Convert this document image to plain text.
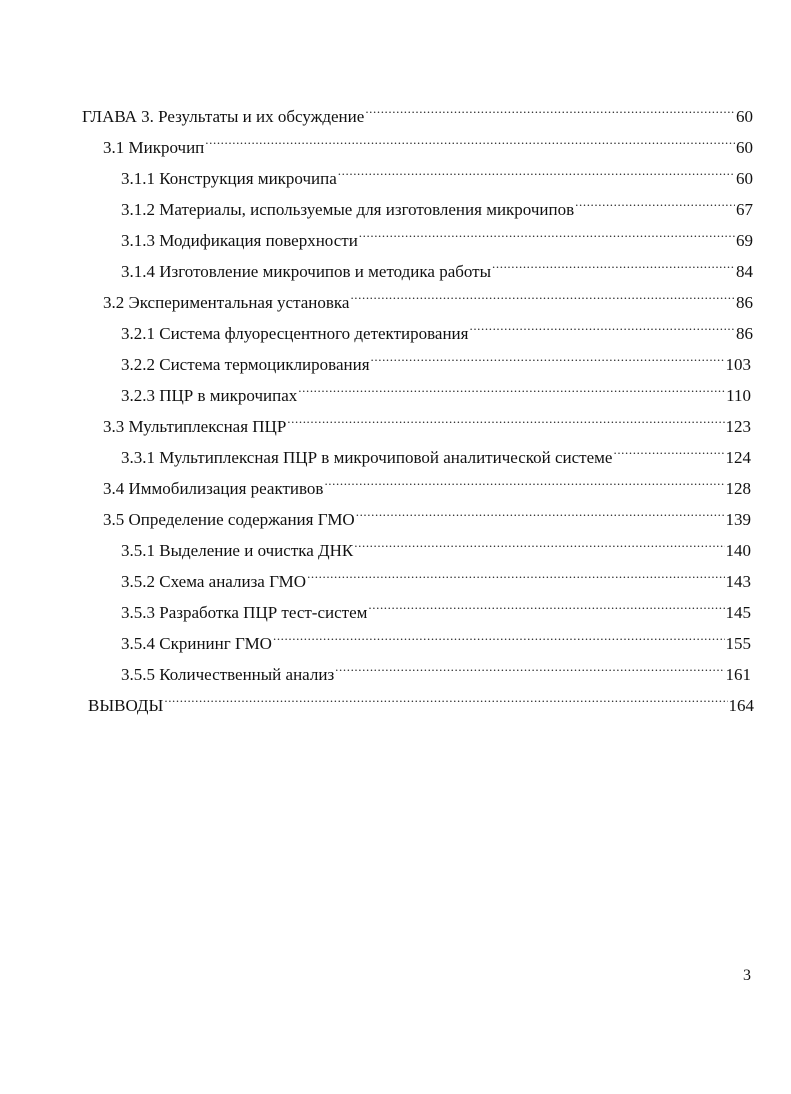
ГЛАВА 3. Результаты и их обсуждение .....	60
3.1 Микрочип .....	60
3.1.1 Конструкция микрочипа .....	60
3.1.2 Материалы, используемые для изготовления микрочипов .....	67
3.1.3 Модификация поверхности .....	69
3.1.4 Изготовление микрочипов и методика работы .....	84
3.2 Экспериментальная установка .....	86
3.2.1 Система флуоресцентного детектирования .....	86
3.2.2 Система термоциклирования .....	103
3.2.3 ПЦР в микрочипах .....	110
3.3 Мультиплексная ПЦР .....	123
3.3.1 Мультиплексная ПЦР в микрочиповой аналитической системе .....	124
3.4 Иммобилизация реактивов .....	128
3.5 Определение содержания ГМО .....	139
3.5.1 Выделение и очистка ДНК .....	140
3.5.2 Схема анализа ГМО .....	143
3.5.3 Разработка ПЦР тест-систем .....	145
3.5.4 Скрининг ГМО .....	155
3.5.5 Количественный анализ .....	161
ВЫВОДЫ .....	164
3
